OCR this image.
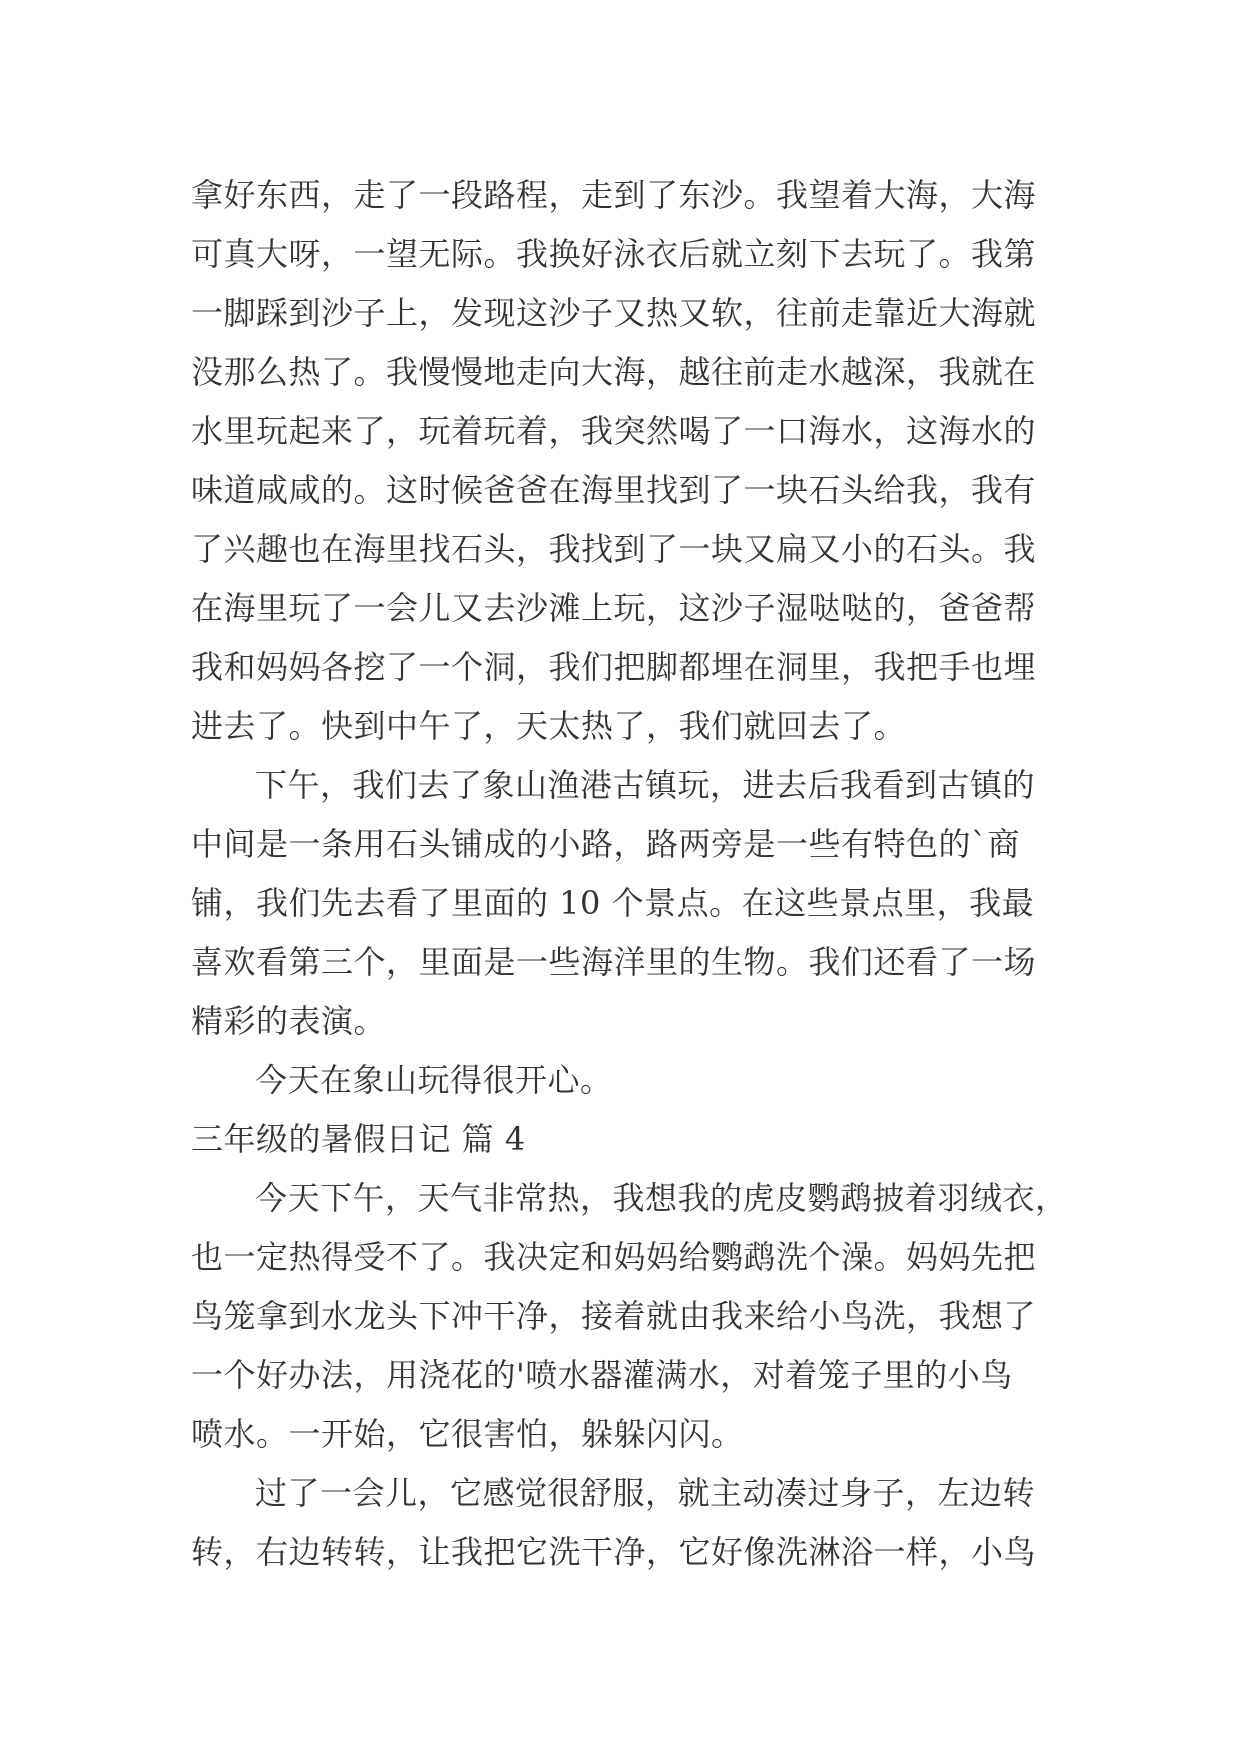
拿好东西，走了一段路程，走到了东沙。我望着大海，大海
可真大呀，一望无际。我换好泳衣后就立刻下去玩了。我第
一脚踩到沙子上，发现这沙子又热又软，往前走靠近大海就
没那么热了。我慢慢地走向大海，越往前走水越深，我就在
水里玩起来了，玩着玩着，我突然喝了一口海水，这海水的
味道咸咸的。这时候爸爸在海里找到了一块石头给我，我有
了兴趣也在海里找石头，我找到了一块又扁又小的石头。我
在海里玩了一会儿又去沙滩上玩，这沙子湿哒哒的，爸爸帮
我和妈妈各挖了一个洞，我们把脚都埋在洞里，我把手也埋
进去了。快到中午了，天太热了，我们就回去了。
下午，我们去了象山渔港古镇玩，进去后我看到古镇的
中间是一条用石头铺成的小路，路两旁是一些有特色的`商
铺，我们先去看了里面的 10 个景点。在这些景点里，我最
喜欢看第三个，里面是一些海洋里的生物。我们还看了一场
精彩的表演。
今天在象山玩得很开心。
三年级的暑假日记 篇 4
今天下午，天气非常热，我想我的虎皮鹦鹉披着羽绒衣，
也一定热得受不了。我决定和妈妈给鹦鹉洗个澡。妈妈先把
鸟笼拿到水龙头下冲干净，接着就由我来给小鸟洗，我想了
一个好办法，用浇花的'喷水器灌满水，对着笼子里的小鸟
喷水。一开始，它很害怕，躲躲闪闪。
过了一会儿，它感觉很舒服，就主动凑过身子，左边转
转，右边转转，让我把它洗干净，它好像洗淋浴一样，小鸟
